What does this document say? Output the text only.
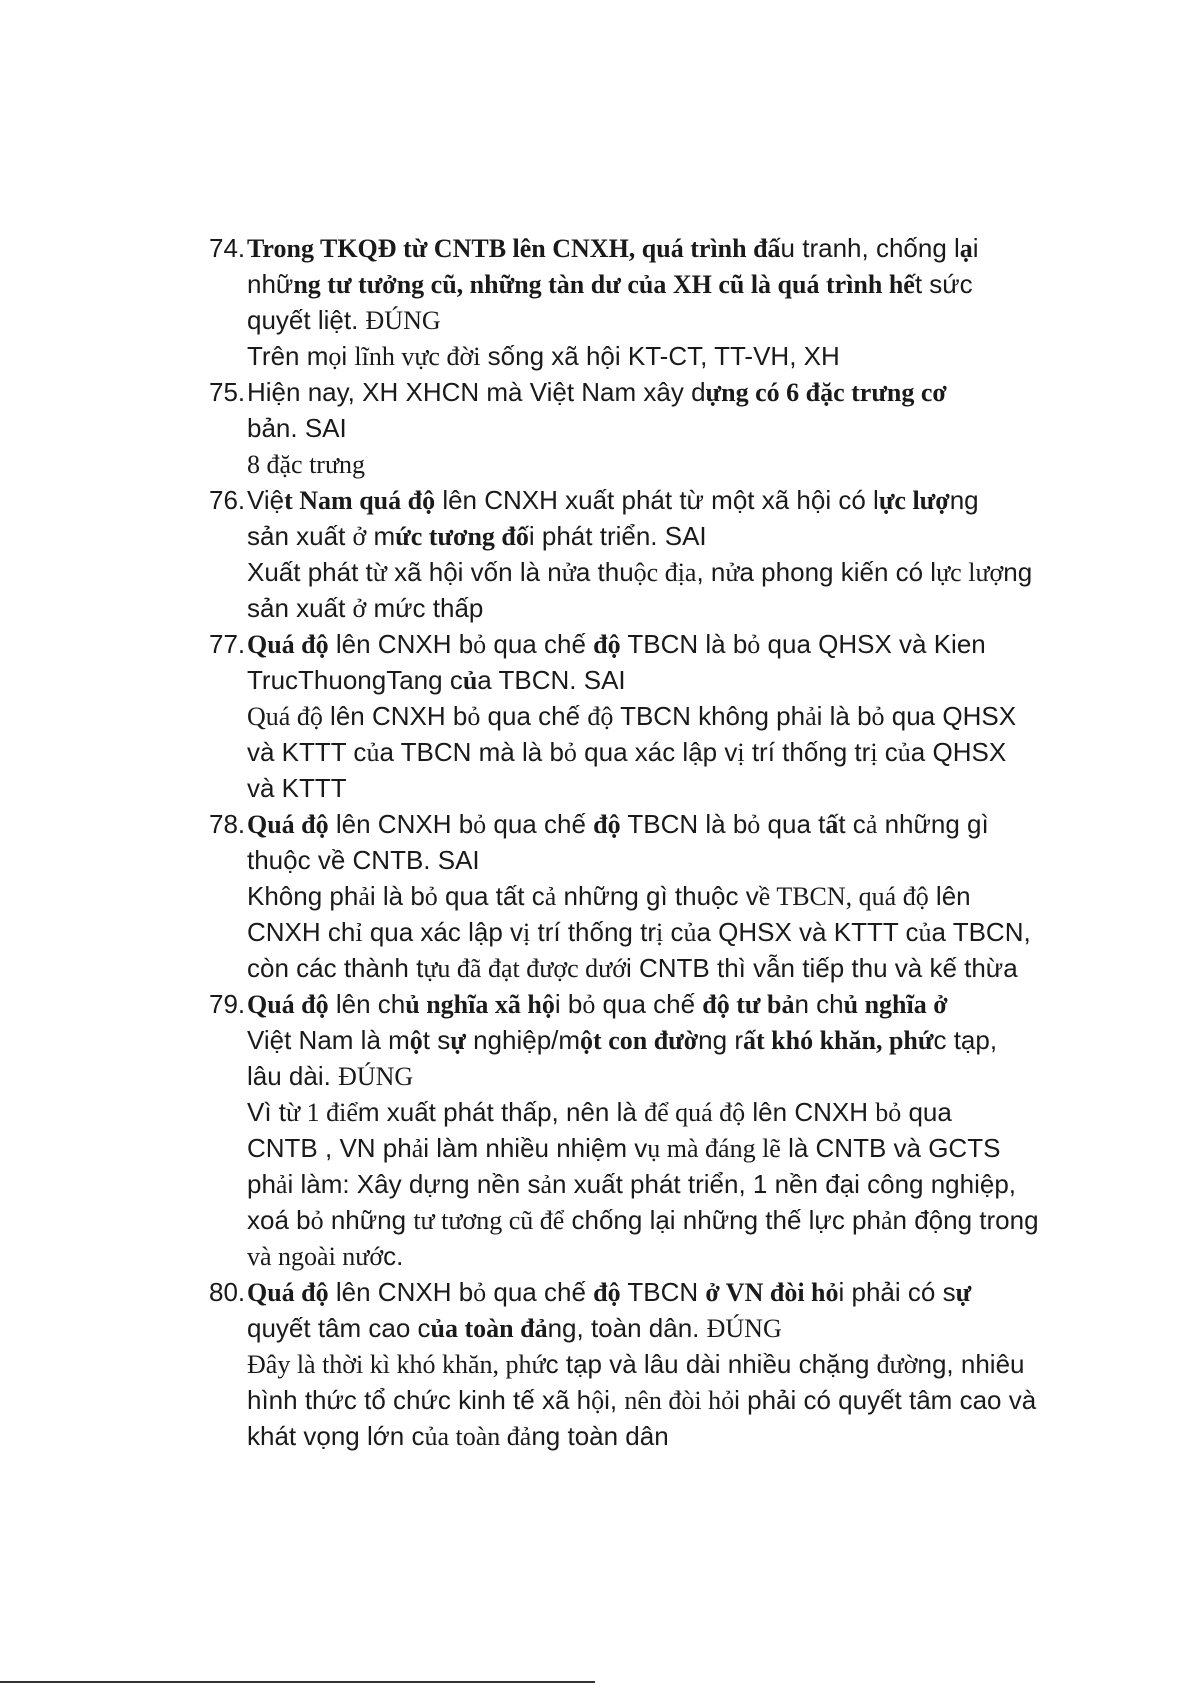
74. Trong TKQĐ từ CNTB lên CNXH, quá trình đấu tranh, chống lại
những tư tưởng cũ, những tàn dư của XH cũ là quá trình hết sức
quyết liệt. ĐÚNG
Trên mọi lĩnh vực đời sống xã hội KT-CT, TT-VH, XH
75. Hiện nay, XH XHCN mà Việt Nam xây dựng có 6 đặc trưng cơ
bản. SAI
8 đặc trưng
76. Việt Nam quá độ lên CNXH xuất phát từ một xã hội có lực lượng
sản xuất ở mức tương đối phát triển. SAI
Xuất phát từ xã hội vốn là nửa thuộc địa, nửa phong kiến có lực lượng
sản xuất ở mức thấp
77. Quá độ lên CNXH bỏ qua chế độ TBCN là bỏ qua QHSX và Kien
TrucThuongTang của TBCN. SAI
Quá độ lên CNXH bỏ qua chế độ TBCN không phải là bỏ qua QHSX
và KTTT của TBCN mà là bỏ qua xác lập vị trí thống trị của QHSX
và KTTT
78. Quá độ lên CNXH bỏ qua chế độ TBCN là bỏ qua tất cả những gì
thuộc về CNTB. SAI
Không phải là bỏ qua tất cả những gì thuộc về TBCN, quá độ lên
CNXH chỉ qua xác lập vị trí thống trị của QHSX và KTTT của TBCN,
còn các thành tựu đã đạt được dưới CNTB thì vẫn tiếp thu và kế thừa
79. Quá độ lên chủ nghĩa xã hội bỏ qua chế độ tư bản chủ nghĩa ở
Việt Nam là một sự nghiệp/một con đường rất khó khăn, phức tạp,
lâu dài. ĐÚNG
Vì từ 1 điểm xuất phát thấp, nên là để quá độ lên CNXH bỏ qua
CNTB , VN phải làm nhiều nhiệm vụ mà đáng lẽ là CNTB và GCTS
phải làm: Xây dựng nền sản xuất phát triển, 1 nền đại công nghiệp,
xoá bỏ những tư tương cũ để chống lại những thế lực phản động trong
và ngoài nước.
80. Quá độ lên CNXH bỏ qua chế độ TBCN ở VN đòi hỏi phải có sự
quyết tâm cao của toàn đảng, toàn dân. ĐÚNG
Đây là thời kì khó khăn, phức tạp và lâu dài nhiều chặng đường, nhiêu
hình thức tổ chức kinh tế xã hội, nên đòi hỏi phải có quyết tâm cao và
khát vọng lớn của toàn đảng toàn dân
